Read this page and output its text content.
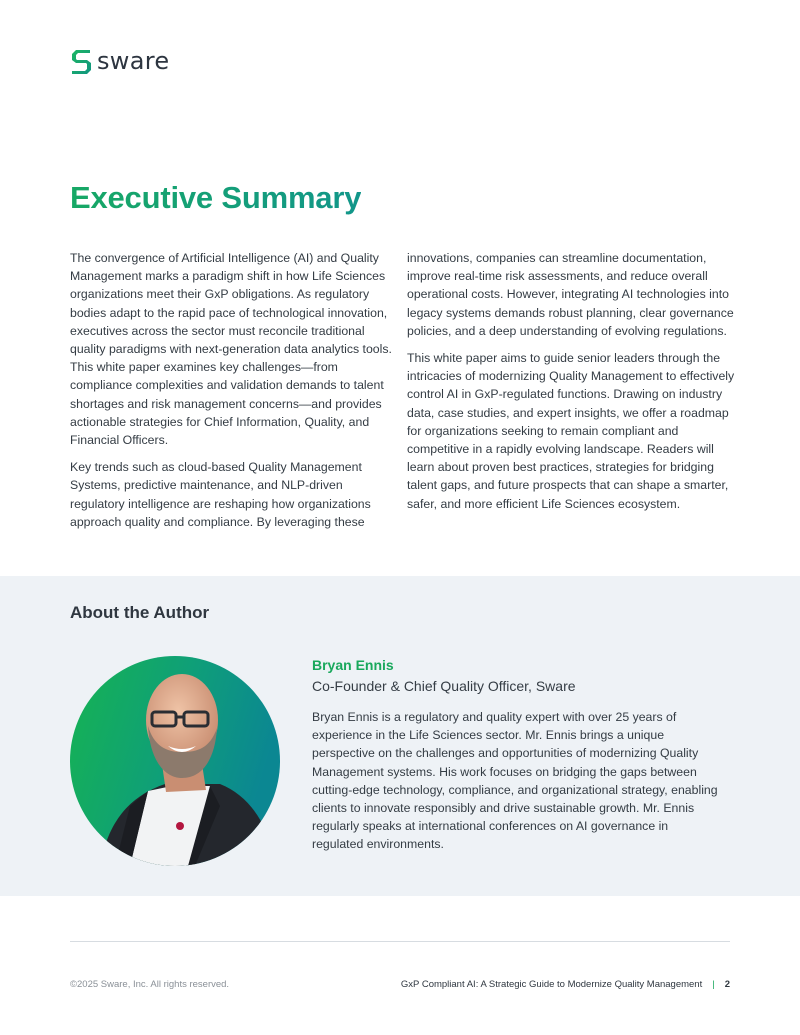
sware
Executive Summary

The convergence of Artificial Intelligence (AI) and Quality Management marks a paradigm shift in how Life Sciences organizations meet their GxP obligations. As regulatory bodies adapt to the rapid pace of technological innovation, executives across the sector must reconcile traditional quality paradigms with next-generation data analytics tools. This white paper examines key challenges—from compliance complexities and validation demands to talent shortages and risk management concerns—and provides actionable strategies for Chief Information, Quality, and Financial Officers.

Key trends such as cloud-based Quality Management Systems, predictive maintenance, and NLP-driven regulatory intelligence are reshaping how organizations approach quality and compliance. By leveraging these

innovations, companies can streamline documentation, improve real-time risk assessments, and reduce overall operational costs. However, integrating AI technologies into legacy systems demands robust planning, clear governance policies, and a deep understanding of evolving regulations.

This white paper aims to guide senior leaders through the intricacies of modernizing Quality Management to effectively control AI in GxP-regulated functions. Drawing on industry data, case studies, and expert insights, we offer a roadmap for organizations seeking to remain compliant and competitive in a rapidly evolving landscape. Readers will learn about proven best practices, strategies for bridging talent gaps, and future prospects that can shape a smarter, safer, and more efficient Life Sciences ecosystem.

About the Author
Bryan Ennis
Co-Founder & Chief Quality Officer, Sware

Bryan Ennis is a regulatory and quality expert with over 25 years of experience in the Life Sciences sector. Mr. Ennis brings a unique perspective on the challenges and opportunities of modernizing Quality Management systems. His work focuses on bridging the gaps between cutting-edge technology, compliance, and organizational strategy, enabling clients to innovate responsibly and drive sustainable growth. Mr. Ennis regularly speaks at international conferences on AI governance in regulated environments.

©2025 Sware, Inc. All rights reserved.	GxP Compliant AI: A Strategic Guide to Modernize Quality Management | 2
